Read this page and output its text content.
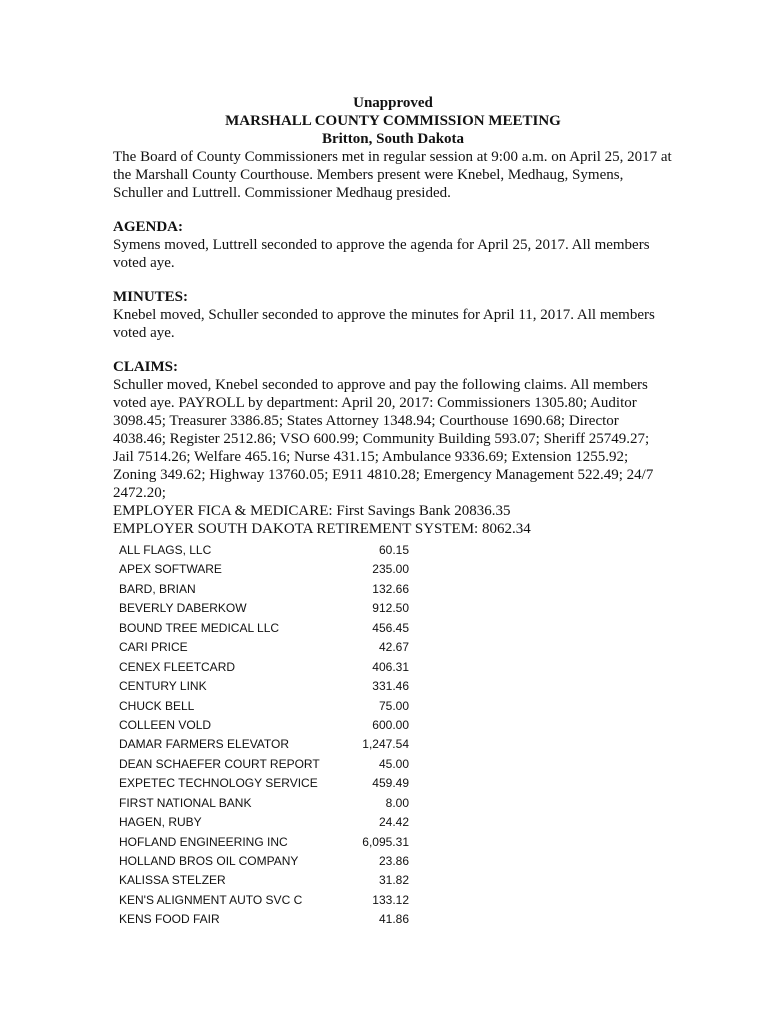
Unapproved

MARSHALL COUNTY COMMISSION MEETING

Britton, South Dakota

The Board of County Commissioners met in regular session at 9:00 a.m. on April 25, 2017 at the Marshall County Courthouse. Members present were Knebel, Medhaug, Symens, Schuller and Luttrell. Commissioner Medhaug presided.

AGENDA:

Symens moved, Luttrell seconded to approve the agenda for April 25, 2017. All members voted aye.

MINUTES:

Knebel moved, Schuller seconded to approve the minutes for April 11, 2017. All members voted aye.

CLAIMS:

Schuller moved, Knebel seconded to approve and pay the following claims. All members voted aye. PAYROLL by department: April 20, 2017: Commissioners 1305.80; Auditor 3098.45; Treasurer 3386.85; States Attorney 1348.94; Courthouse 1690.68; Director 4038.46; Register 2512.86; VSO 600.99; Community Building 593.07; Sheriff 25749.27; Jail 7514.26; Welfare 465.16; Nurse 431.15; Ambulance 9336.69; Extension 1255.92; Zoning 349.62; Highway 13760.05; E911 4810.28; Emergency Management 522.49; 24/7 2472.20;

EMPLOYER FICA & MEDICARE: First Savings Bank 20836.35

EMPLOYER SOUTH DAKOTA RETIREMENT SYSTEM: 8062.34

ALL FLAGS, LLC	60.15
APEX SOFTWARE	235.00
BARD, BRIAN	132.66
BEVERLY DABERKOW	912.50
BOUND TREE MEDICAL LLC	456.45
CARI PRICE	42.67
CENEX FLEETCARD	406.31
CENTURY LINK	331.46
CHUCK BELL	75.00
COLLEEN VOLD	600.00
DAMAR FARMERS ELEVATOR	1,247.54
DEAN SCHAEFER COURT REPORT	45.00
EXPETEC TECHNOLOGY SERVICE	459.49
FIRST NATIONAL BANK	8.00
HAGEN, RUBY	24.42
HOFLAND ENGINEERING INC	6,095.31
HOLLAND BROS OIL COMPANY	23.86
KALISSA STELZER	31.82
KEN'S ALIGNMENT AUTO SVC C	133.12
KENS FOOD FAIR	41.86
